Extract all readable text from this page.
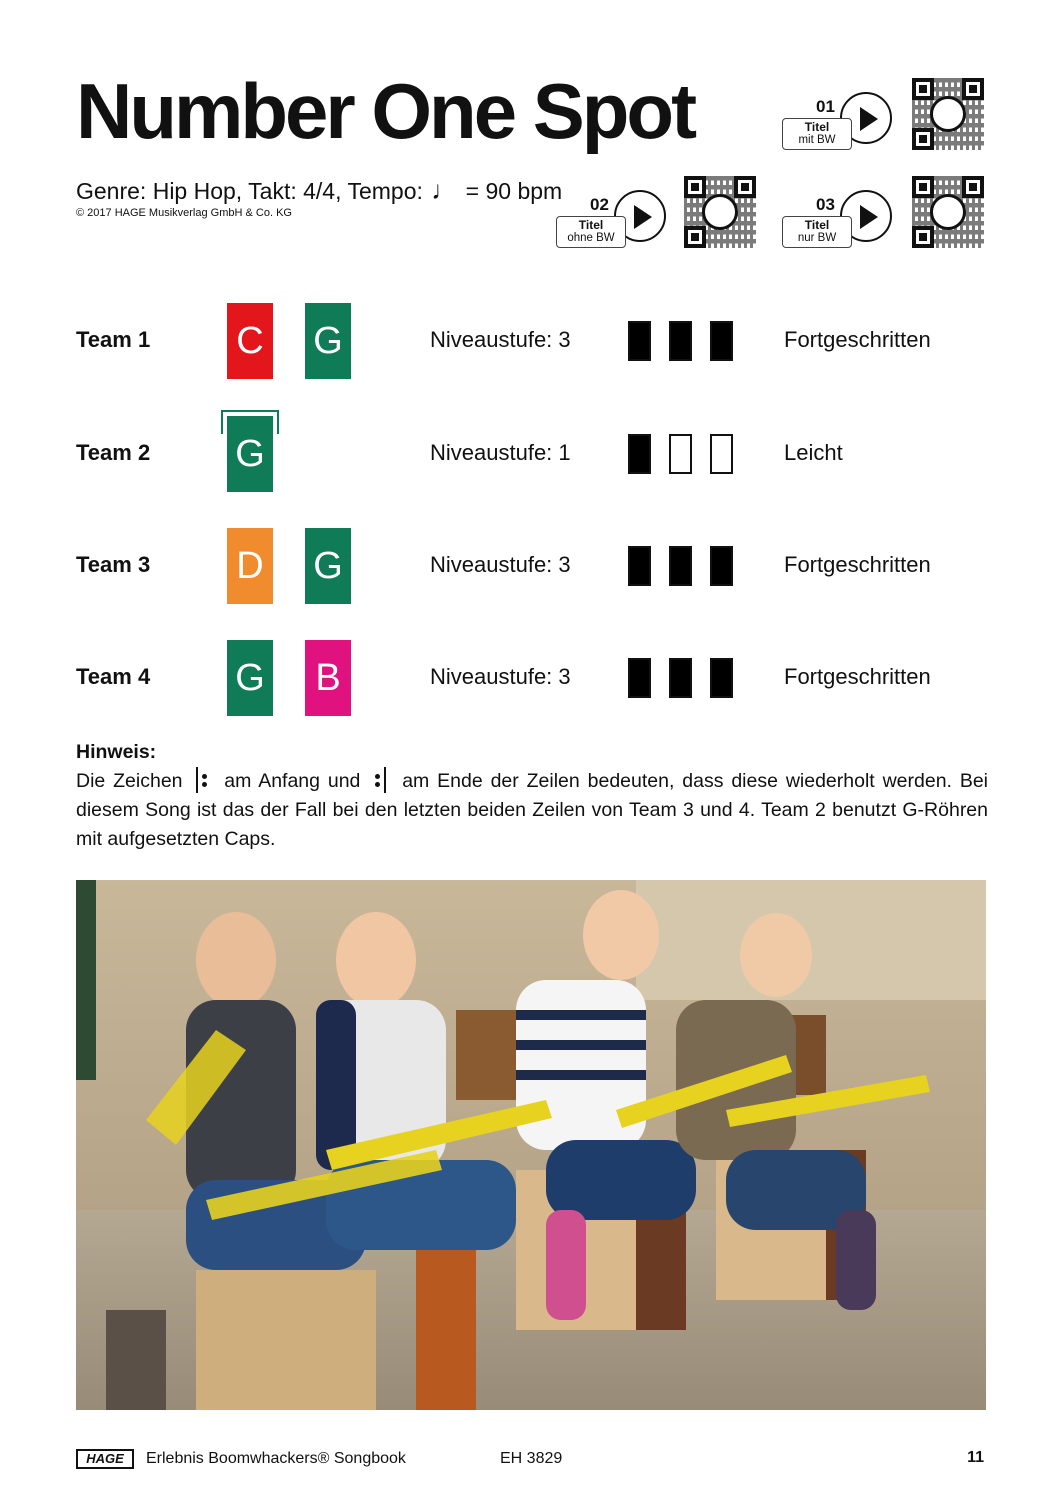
Number One Spot
Genre: Hip Hop, Takt: 4/4, Tempo: ♩ = 90 bpm
© 2017 HAGE Musikverlag GmbH & Co. KG
01
Titel
mit BW
02
Titel
ohne BW
03
Titel
nur BW
Team 1 C G	Niveaustufe: 3	Fortgeschritten
Team 2 G	Niveaustufe: 1	Leicht
Team 3 D G	Niveaustufe: 3	Fortgeschritten
Team 4 G B	Niveaustufe: 3	Fortgeschritten
Hinweis:
Die Zeichen am Anfang und am Ende der Zeilen bedeuten, dass diese wiederholt werden. Bei diesem Song ist das der Fall bei den letzten beiden Zeilen von Team 3 und 4. Team 2 benutzt G-Röhren mit aufgesetzten Caps.
HAGE	Erlebnis Boomwhackers® Songbook	EH 3829	11
